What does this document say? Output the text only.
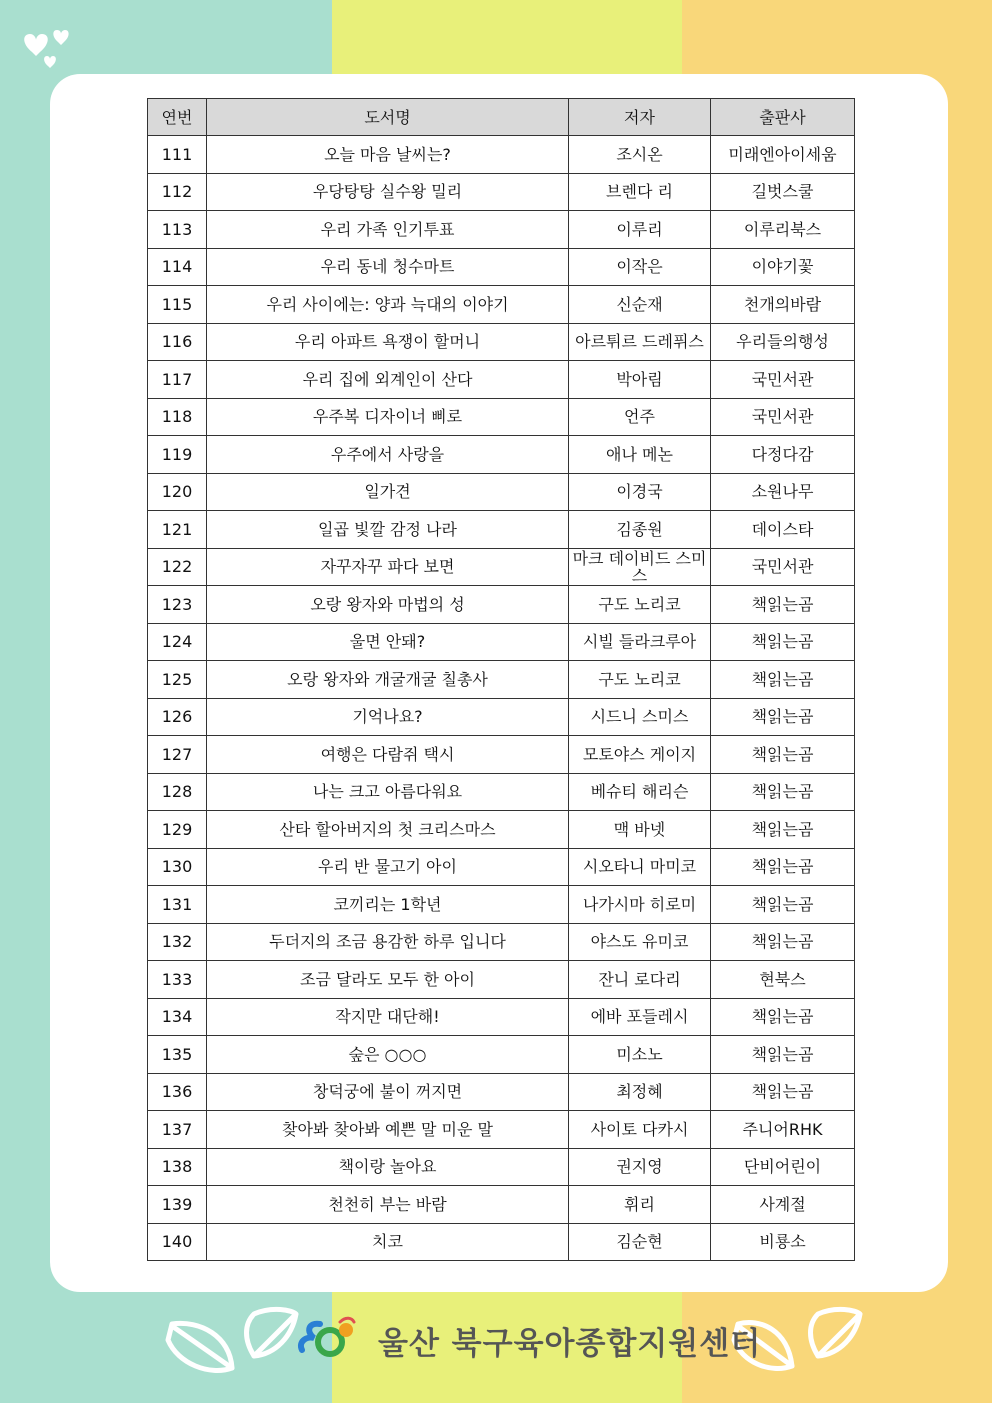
연번	도서명	저자	출판사
111	오늘 마음 날씨는?	조시온	미래엔아이세움
112	우당탕탕 실수왕 밀리	브렌다 리	길벗스쿨
113	우리 가족 인기투표	이루리	이루리북스
114	우리 동네 청수마트	이작은	이야기꽃
115	우리 사이에는: 양과 늑대의 이야기	신순재	천개의바람
116	우리 아파트 욕쟁이 할머니	아르튀르 드레퓌스	우리들의행성
117	우리 집에 외계인이 산다	박아림	국민서관
118	우주복 디자이너 삐로	언주	국민서관
119	우주에서 사랑을	애나 메논	다정다감
120	일가견	이경국	소원나무
121	일곱 빛깔 감정 나라	김종원	데이스타
122	자꾸자꾸 파다 보면	마크 데이비드 스미스	국민서관
123	오랑 왕자와 마법의 성	구도 노리코	책읽는곰
124	울면 안돼?	시빌 들라크루아	책읽는곰
125	오랑 왕자와 개굴개굴 칠총사	구도 노리코	책읽는곰
126	기억나요?	시드니 스미스	책읽는곰
127	여행은 다람쥐 택시	모토야스 게이지	책읽는곰
128	나는 크고 아름다워요	베슈티 해리슨	책읽는곰
129	산타 할아버지의 첫 크리스마스	맥 바넷	책읽는곰
130	우리 반 물고기 아이	시오타니 마미코	책읽는곰
131	코끼리는 1학년	나가시마 히로미	책읽는곰
132	두더지의 조금 용감한 하루 입니다	야스도 유미코	책읽는곰
133	조금 달라도 모두 한 아이	잔니 로다리	현북스
134	작지만 대단해!	에바 포들레시	책읽는곰
135	숲은 ○○○	미소노	책읽는곰
136	창덕궁에 불이 꺼지면	최정혜	책읽는곰
137	찾아봐 찾아봐 예쁜 말 미운 말	사이토 다카시	주니어RHK
138	책이랑 놀아요	권지영	단비어린이
139	천천히 부는 바람	휘리	사계절
140	치코	김순현	비룡소
울산 북구육아종합지원센터
